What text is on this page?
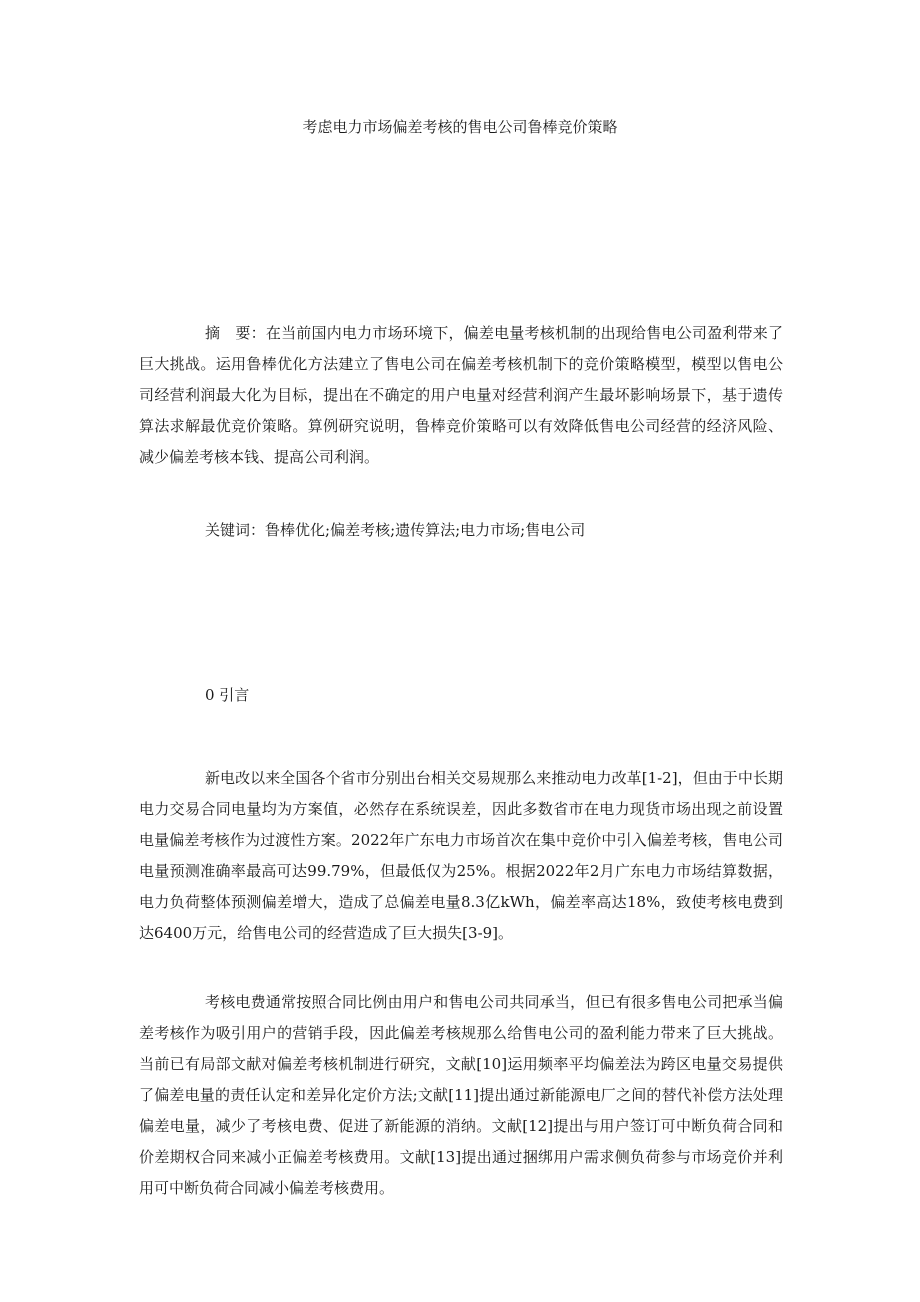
考虑电力市场偏差考核的售电公司鲁棒竞价策略
摘　要：在当前国内电力市场环境下，偏差电量考核机制的出现给售电公司盈利带来了巨大挑战。运用鲁棒优化方法建立了售电公司在偏差考核机制下的竞价策略模型，模型以售电公司经营利润最大化为目标，提出在不确定的用户电量对经营利润产生最坏影响场景下，基于遗传算法求解最优竞价策略。算例研究说明，鲁棒竞价策略可以有效降低售电公司经营的经济风险、减少偏差考核本钱、提高公司利润。
关键词：鲁棒优化;偏差考核;遗传算法;电力市场;售电公司
0 引言
新电改以来全国各个省市分别出台相关交易规那么来推动电力改革[1-2]，但由于中长期电力交易合同电量均为方案值，必然存在系统误差，因此多数省市在电力现货市场出现之前设置电量偏差考核作为过渡性方案。2022年广东电力市场首次在集中竞价中引入偏差考核，售电公司电量预测准确率最高可达99.79%，但最低仅为25%。根据2022年2月广东电力市场结算数据，电力负荷整体预测偏差增大，造成了总偏差电量8.3亿kWh，偏差率高达18%，致使考核电费到达6400万元，给售电公司的经营造成了巨大损失[3-9]。
考核电费通常按照合同比例由用户和售电公司共同承当，但已有很多售电公司把承当偏差考核作为吸引用户的营销手段，因此偏差考核规那么给售电公司的盈利能力带来了巨大挑战。当前已有局部文献对偏差考核机制进行研究，文献[10]运用频率平均偏差法为跨区电量交易提供了偏差电量的责任认定和差异化定价方法;文献[11]提出通过新能源电厂之间的替代补偿方法处理偏差电量，减少了考核电费、促进了新能源的消纳。文献[12]提出与用户签订可中断负荷合同和价差期权合同来减小正偏差考核费用。文献[13]提出通过捆绑用户需求侧负荷参与市场竞价并利用可中断负荷合同减小偏差考核费用。
